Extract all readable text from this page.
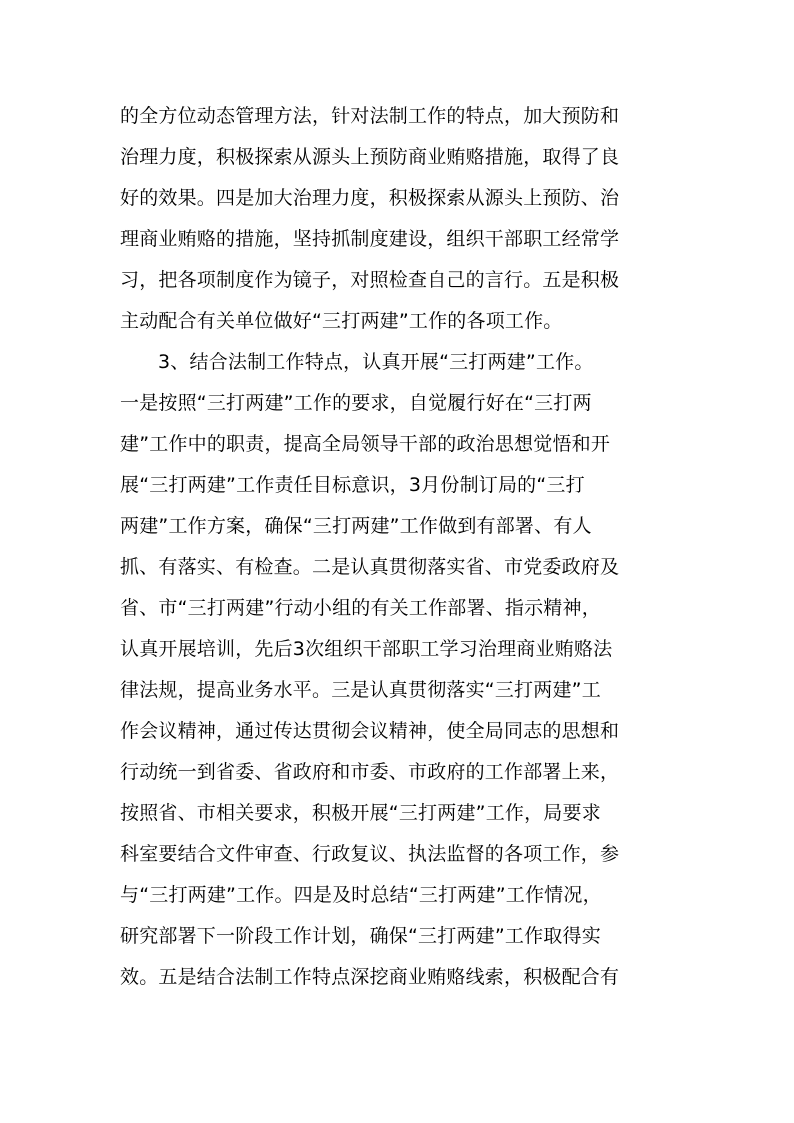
的全方位动态管理方法，针对法制工作的特点，加大预防和
治理力度，积极探索从源头上预防商业贿赂措施，取得了良
好的效果。四是加大治理力度，积极探索从源头上预防、治
理商业贿赂的措施，坚持抓制度建设，组织干部职工经常学
习，把各项制度作为镜子，对照检查自己的言行。五是积极
主动配合有关单位做好“三打两建”工作的各项工作。
3、结合法制工作特点，认真开展“三打两建”工作。
一是按照“三打两建”工作的要求，自觉履行好在“三打两
建”工作中的职责，提高全局领导干部的政治思想觉悟和开
展“三打两建”工作责任目标意识，3月份制订局的“三打
两建”工作方案，确保“三打两建”工作做到有部署、有人
抓、有落实、有检查。二是认真贯彻落实省、市党委政府及
省、市“三打两建”行动小组的有关工作部署、指示精神，
认真开展培训，先后3次组织干部职工学习治理商业贿赂法
律法规，提高业务水平。三是认真贯彻落实“三打两建”工
作会议精神，通过传达贯彻会议精神，使全局同志的思想和
行动统一到省委、省政府和市委、市政府的工作部署上来，
按照省、市相关要求，积极开展“三打两建”工作，局要求
科室要结合文件审查、行政复议、执法监督的各项工作，参
与“三打两建”工作。四是及时总结“三打两建”工作情况，
研究部署下一阶段工作计划，确保“三打两建”工作取得实
效。五是结合法制工作特点深挖商业贿赂线索，积极配合有
